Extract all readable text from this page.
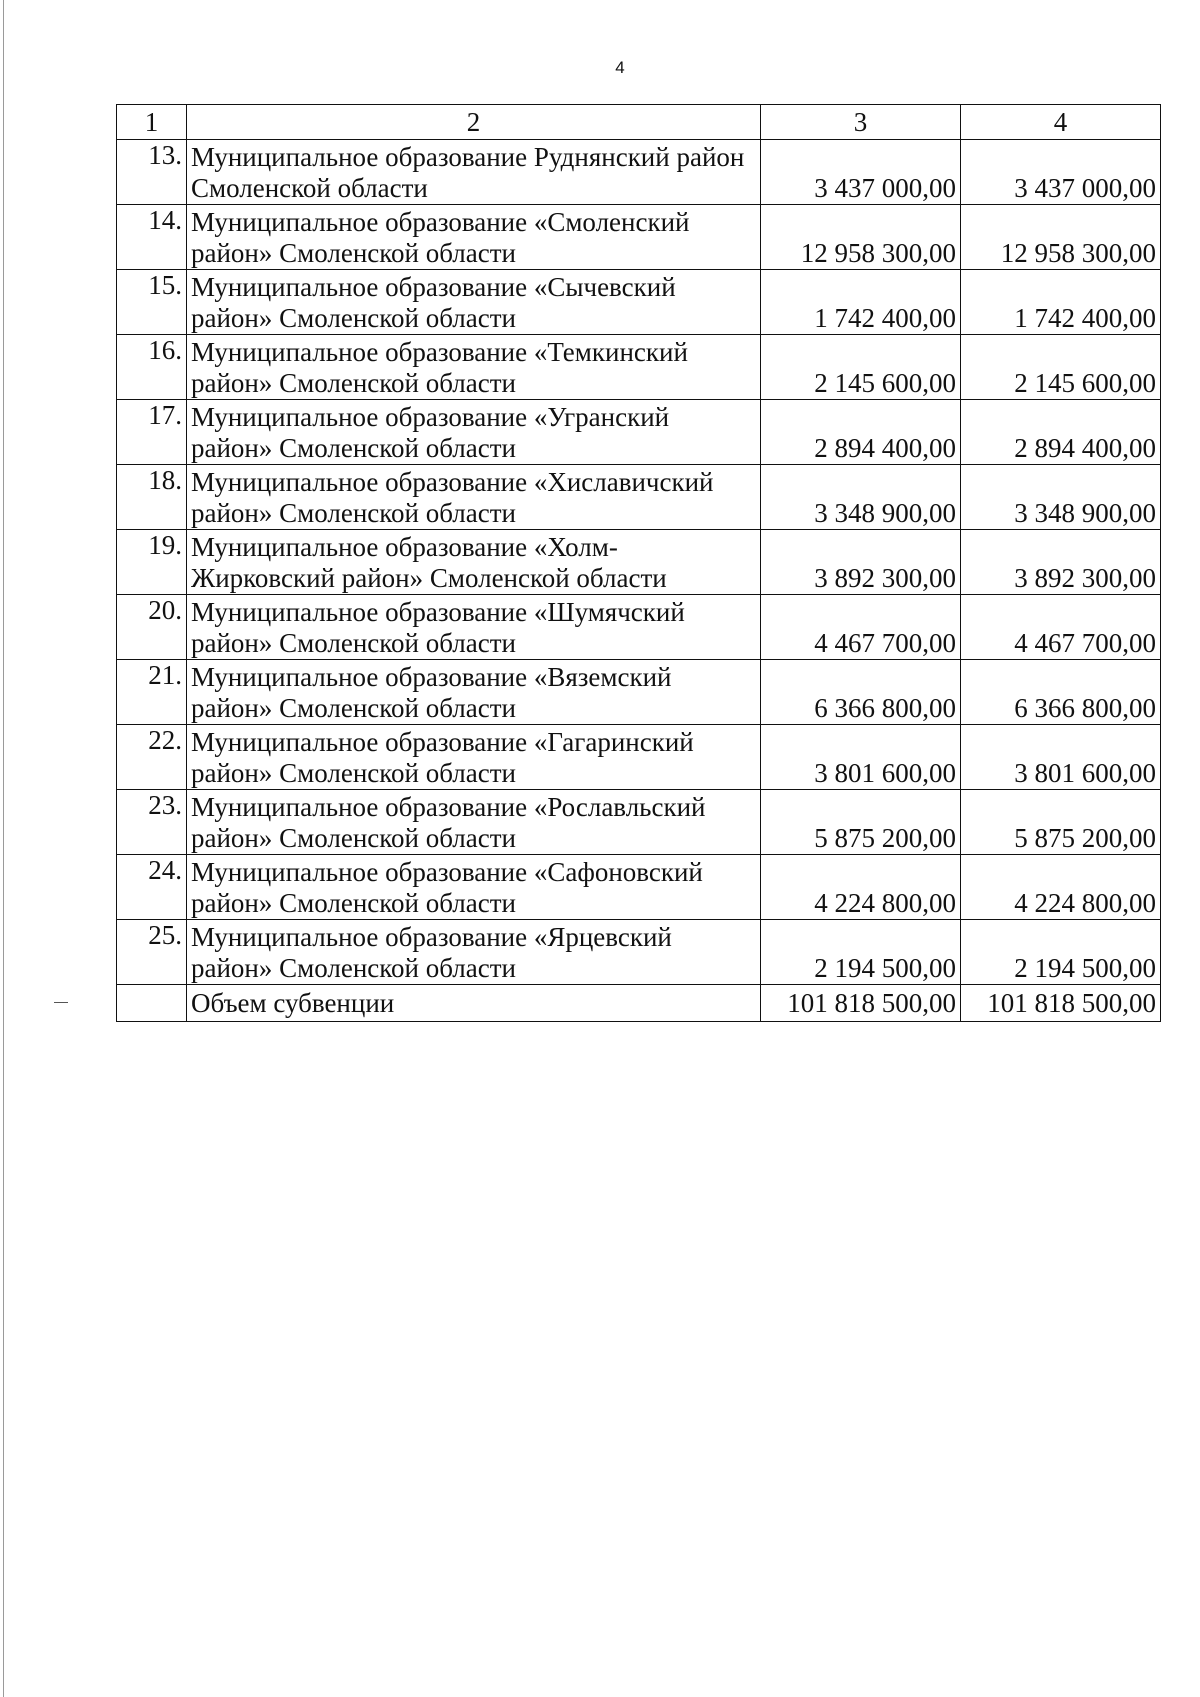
4
1	2	3	4
13.	Муниципальное образование Руднянский район Смоленской области	3 437 000,00	3 437 000,00
14.	Муниципальное образование «Смоленский район» Смоленской области	12 958 300,00	12 958 300,00
15.	Муниципальное образование «Сычевский район» Смоленской области	1 742 400,00	1 742 400,00
16.	Муниципальное образование «Темкинский район» Смоленской области	2 145 600,00	2 145 600,00
17.	Муниципальное образование «Угранский район» Смоленской области	2 894 400,00	2 894 400,00
18.	Муниципальное образование «Хиславичский район» Смоленской области	3 348 900,00	3 348 900,00
19.	Муниципальное образование «Холм-Жирковский район» Смоленской области	3 892 300,00	3 892 300,00
20.	Муниципальное образование «Шумячский район» Смоленской области	4 467 700,00	4 467 700,00
21.	Муниципальное образование «Вяземский район» Смоленской области	6 366 800,00	6 366 800,00
22.	Муниципальное образование «Гагаринский район» Смоленской области	3 801 600,00	3 801 600,00
23.	Муниципальное образование «Рославльский район» Смоленской области	5 875 200,00	5 875 200,00
24.	Муниципальное образование «Сафоновский район» Смоленской области	4 224 800,00	4 224 800,00
25.	Муниципальное образование «Ярцевский район» Смоленской области	2 194 500,00	2 194 500,00
	Объем субвенции	101 818 500,00	101 818 500,00
